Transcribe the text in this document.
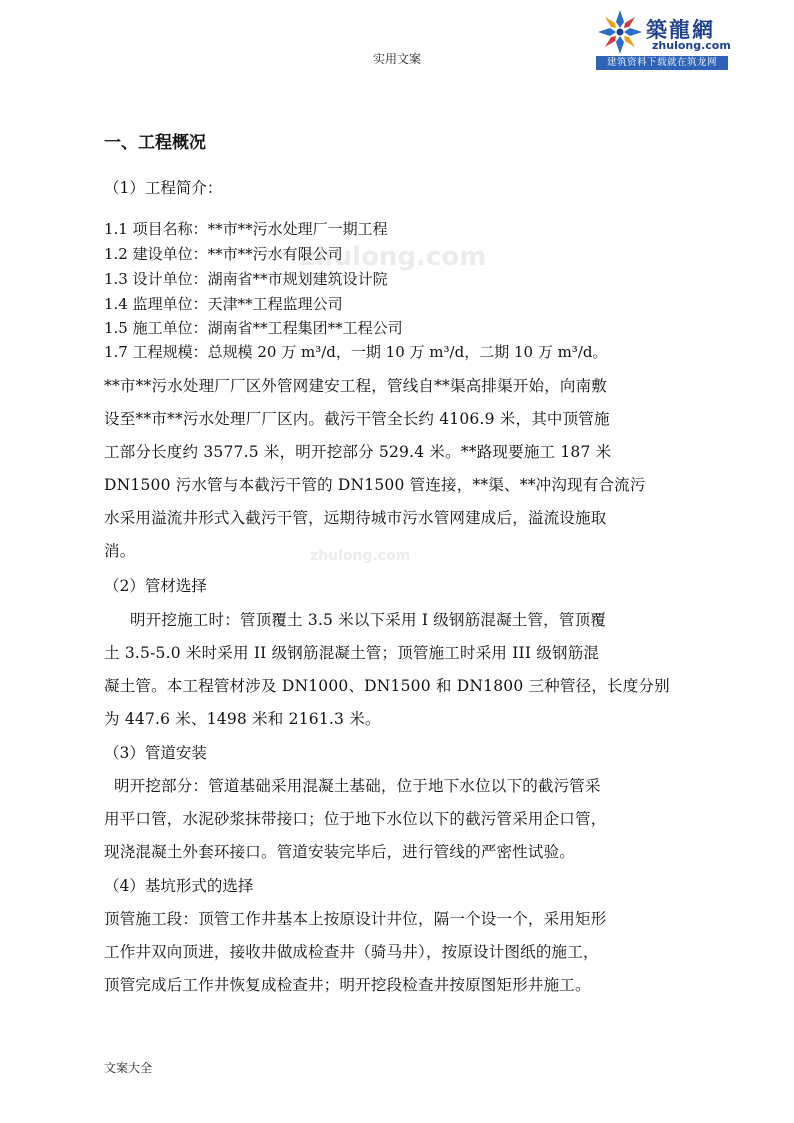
实用文案
築龍網
zhulong.com
建筑资料下载就在筑龙网
zhulong.com
zhulong.com
一、工程概况
（1）工程简介：
1.1 项目名称：**市**污水处理厂一期工程
1.2 建设单位：**市**污水有限公司
1.3 设计单位：湖南省**市规划建筑设计院
1.4 监理单位：天津**工程监理公司
1.5 施工单位：湖南省**工程集团**工程公司
1.7 工程规模：总规模 20 万 m³/d，一期 10 万 m³/d，二期 10 万 m³/d。
**市**污水处理厂厂区外管网建安工程，管线自**渠高排渠开始，向南敷
设至**市**污水处理厂厂区内。截污干管全长约 4106.9 米，其中顶管施
工部分长度约 3577.5 米，明开挖部分 529.4 米。**路现要施工 187 米
DN1500 污水管与本截污干管的 DN1500 管连接，**渠、**冲沟现有合流污
水采用溢流井形式入截污干管，远期待城市污水管网建成后，溢流设施取
消。
（2）管材选择
明开挖施工时：管顶覆土 3.5 米以下采用 I 级钢筋混凝土管，管顶覆
土 3.5-5.0 米时采用 II 级钢筋混凝土管；顶管施工时采用 III 级钢筋混
凝土管。本工程管材涉及 DN1000、DN1500 和 DN1800 三种管径，长度分别
为 447.6 米、1498 米和 2161.3 米。
（3）管道安装
明开挖部分：管道基础采用混凝土基础，位于地下水位以下的截污管采
用平口管，水泥砂浆抹带接口；位于地下水位以下的截污管采用企口管，
现浇混凝土外套环接口。管道安装完毕后，进行管线的严密性试验。
（4）基坑形式的选择
顶管施工段：顶管工作井基本上按原设计井位，隔一个设一个，采用矩形
工作井双向顶进，接收井做成检查井（骑马井），按原设计图纸的施工，
顶管完成后工作井恢复成检查井；明开挖段检查井按原图矩形井施工。
文案大全
